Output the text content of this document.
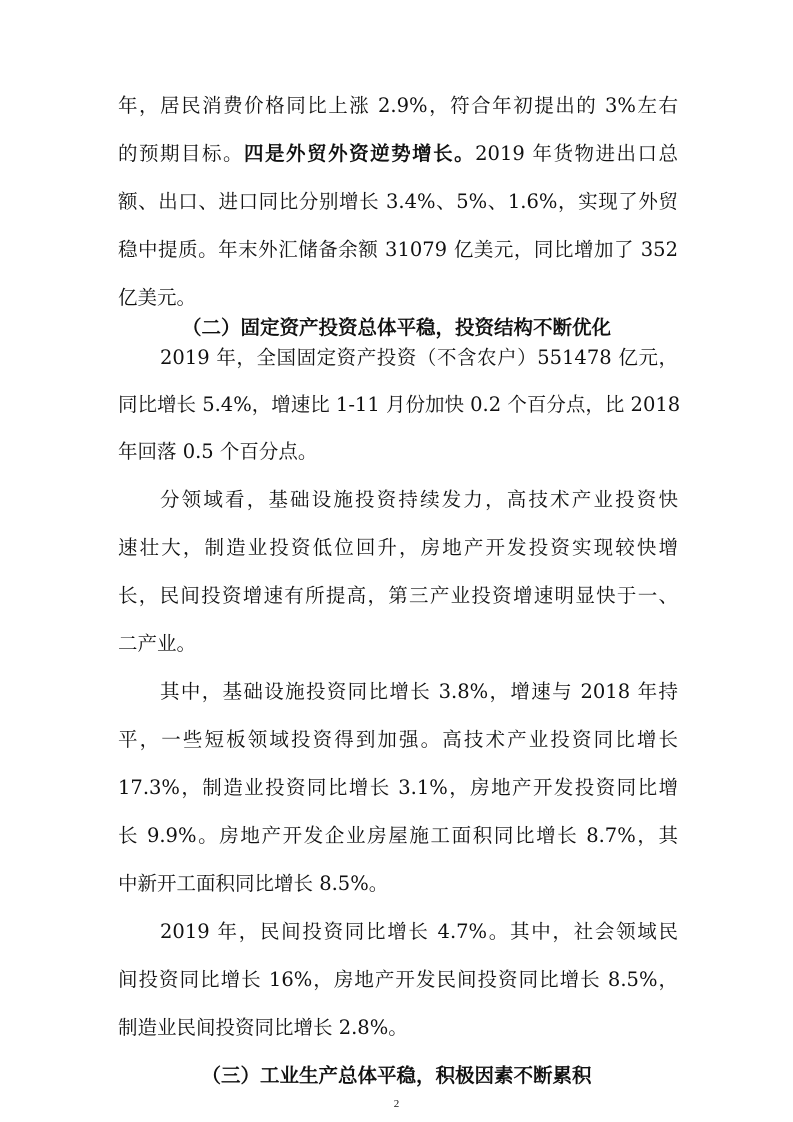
年，居民消费价格同比上涨 2.9%，符合年初提出的 3%左右
的预期目标。四是外贸外资逆势增长。2019 年货物进出口总
额、出口、进口同比分别增长 3.4%、5%、1.6%，实现了外贸
稳中提质。年末外汇储备余额 31079 亿美元，同比增加了 352
亿美元。
（二）固定资产投资总体平稳，投资结构不断优化
2019 年，全国固定资产投资（不含农户）551478 亿元，
同比增长 5.4%，增速比 1-11 月份加快 0.2 个百分点，比 2018
年回落 0.5 个百分点。
分领域看，基础设施投资持续发力，高技术产业投资快
速壮大，制造业投资低位回升，房地产开发投资实现较快增
长，民间投资增速有所提高，第三产业投资增速明显快于一、
二产业。
其中，基础设施投资同比增长 3.8%，增速与 2018 年持
平，一些短板领域投资得到加强。高技术产业投资同比增长
17.3%，制造业投资同比增长 3.1%，房地产开发投资同比增
长 9.9%。房地产开发企业房屋施工面积同比增长 8.7%，其
中新开工面积同比增长 8.5%。
2019 年，民间投资同比增长 4.7%。其中，社会领域民
间投资同比增长 16%，房地产开发民间投资同比增长 8.5%，
制造业民间投资同比增长 2.8%。
（三）工业生产总体平稳，积极因素不断累积
2
